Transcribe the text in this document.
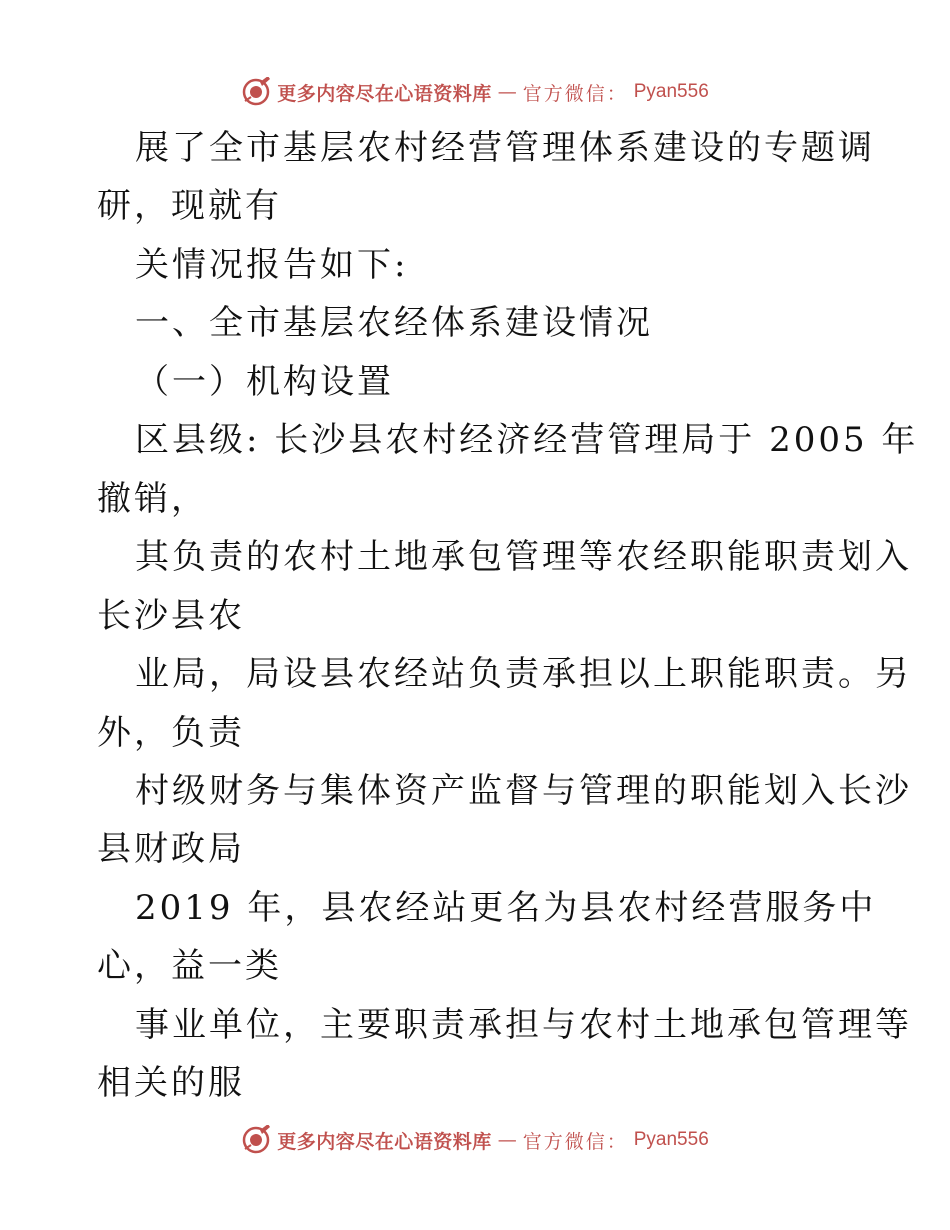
更多内容尽在心语资料库 — 官方微信： Pyan556
展了全市基层农村经营管理体系建设的专题调
研，现就有
关情况报告如下:
一、全市基层农经体系建设情况
（一）机构设置
区县级: 长沙县农村经济经营管理局于 2005 年
撤销，
其负责的农村土地承包管理等农经职能职责划入
长沙县农
业局，局设县农经站负责承担以上职能职责。另
外，负责
村级财务与集体资产监督与管理的职能划入长沙
县财政局
2019 年，县农经站更名为县农村经营服务中
心，益一类
事业单位，主要职责承担与农村土地承包管理等
相关的服
更多内容尽在心语资料库 — 官方微信： Pyan556
